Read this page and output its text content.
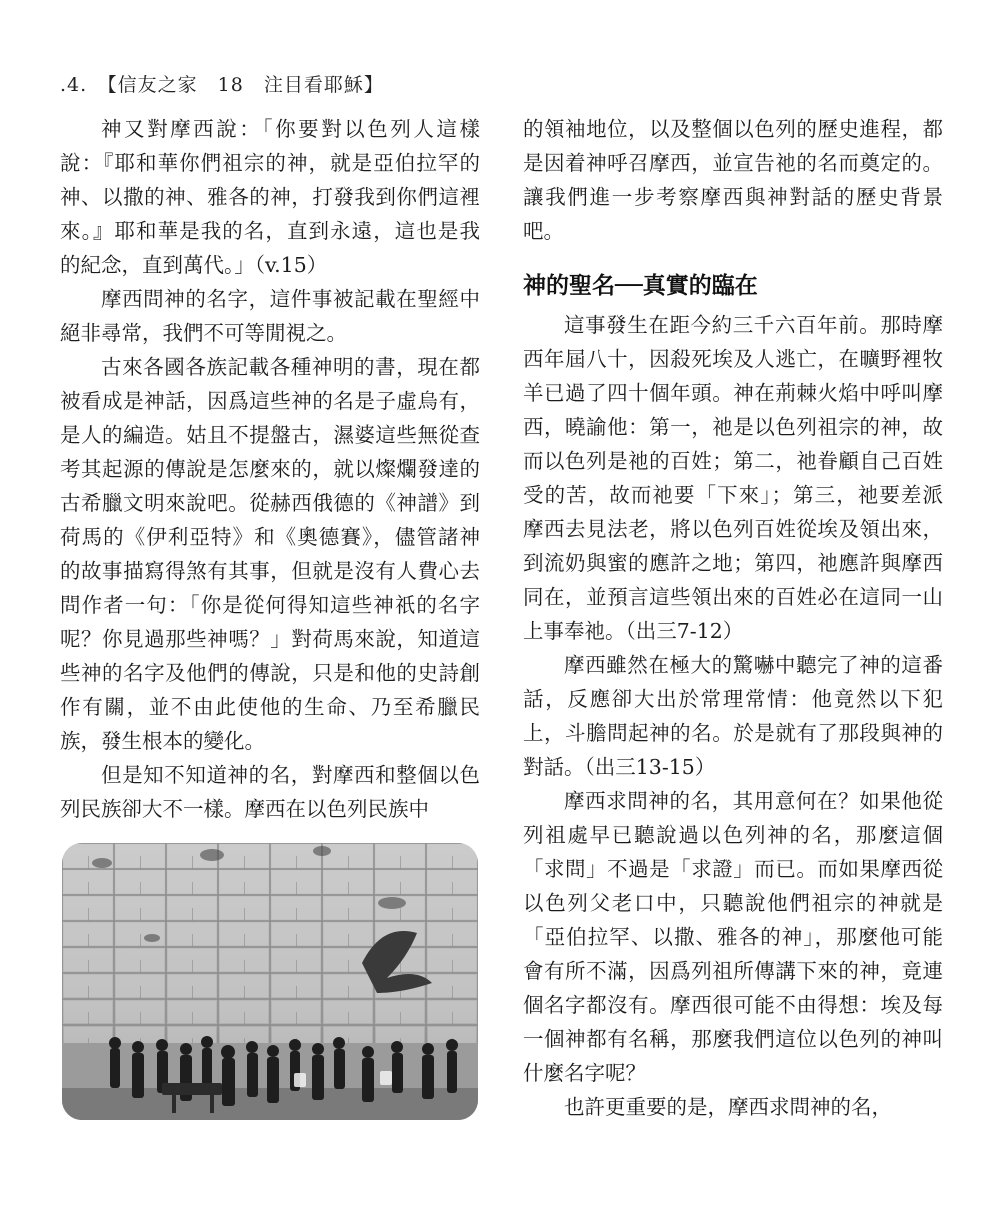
.4.　【信友之家　18　注目看耶穌】

神又對摩西說：「你要對以色列人這樣說：『耶和華你們祖宗的神，就是亞伯拉罕的神、以撒的神、雅各的神，打發我到你們這裡來。』耶和華是我的名，直到永遠，這也是我的紀念，直到萬代。」（v.15）

摩西問神的名字，這件事被記載在聖經中絕非尋常，我們不可等閒視之。

古來各國各族記載各種神明的書，現在都被看成是神話，因爲這些神的名是子虛烏有，是人的編造。姑且不提盤古，濕婆這些無從查考其起源的傳說是怎麼來的，就以燦爛發達的古希臘文明來說吧。從赫西俄德的《神譜》到荷馬的《伊利亞特》和《奧德賽》，儘管諸神的故事描寫得煞有其事，但就是沒有人費心去問作者一句：「你是從何得知這些神祇的名字呢？你見過那些神嗎？」對荷馬來說，知道這些神的名字及他們的傳說，只是和他的史詩創作有關，並不由此使他的生命、乃至希臘民族，發生根本的變化。

但是知不知道神的名，對摩西和整個以色列民族卻大不一樣。摩西在以色列民族中

的領袖地位，以及整個以色列的歷史進程，都是因着神呼召摩西，並宣告祂的名而奠定的。讓我們進一步考察摩西與神對話的歷史背景吧。

神的聖名──真實的臨在

這事發生在距今約三千六百年前。那時摩西年屆八十，因殺死埃及人逃亡，在曠野裡牧羊已過了四十個年頭。神在荊棘火焰中呼叫摩西，曉諭他：第一，祂是以色列祖宗的神，故而以色列是祂的百姓；第二，祂眷顧自己百姓受的苦，故而祂要「下來」；第三，祂要差派摩西去見法老，將以色列百姓從埃及領出來，到流奶與蜜的應許之地；第四，祂應許與摩西同在，並預言這些領出來的百姓必在這同一山上事奉祂。（出三7-12）

摩西雖然在極大的驚嚇中聽完了神的這番話，反應卻大出於常理常情：他竟然以下犯上，斗膽問起神的名。於是就有了那段與神的對話。（出三13-15）

摩西求問神的名，其用意何在？如果他從列祖處早已聽說過以色列神的名，那麼這個「求問」不過是「求證」而已。而如果摩西從以色列父老口中，只聽說他們祖宗的神就是「亞伯拉罕、以撒、雅各的神」，那麼他可能會有所不滿，因爲列祖所傳講下來的神，竟連個名字都沒有。摩西很可能不由得想：埃及每一個神都有名稱，那麼我們這位以色列的神叫什麼名字呢？

也許更重要的是，摩西求問神的名，
